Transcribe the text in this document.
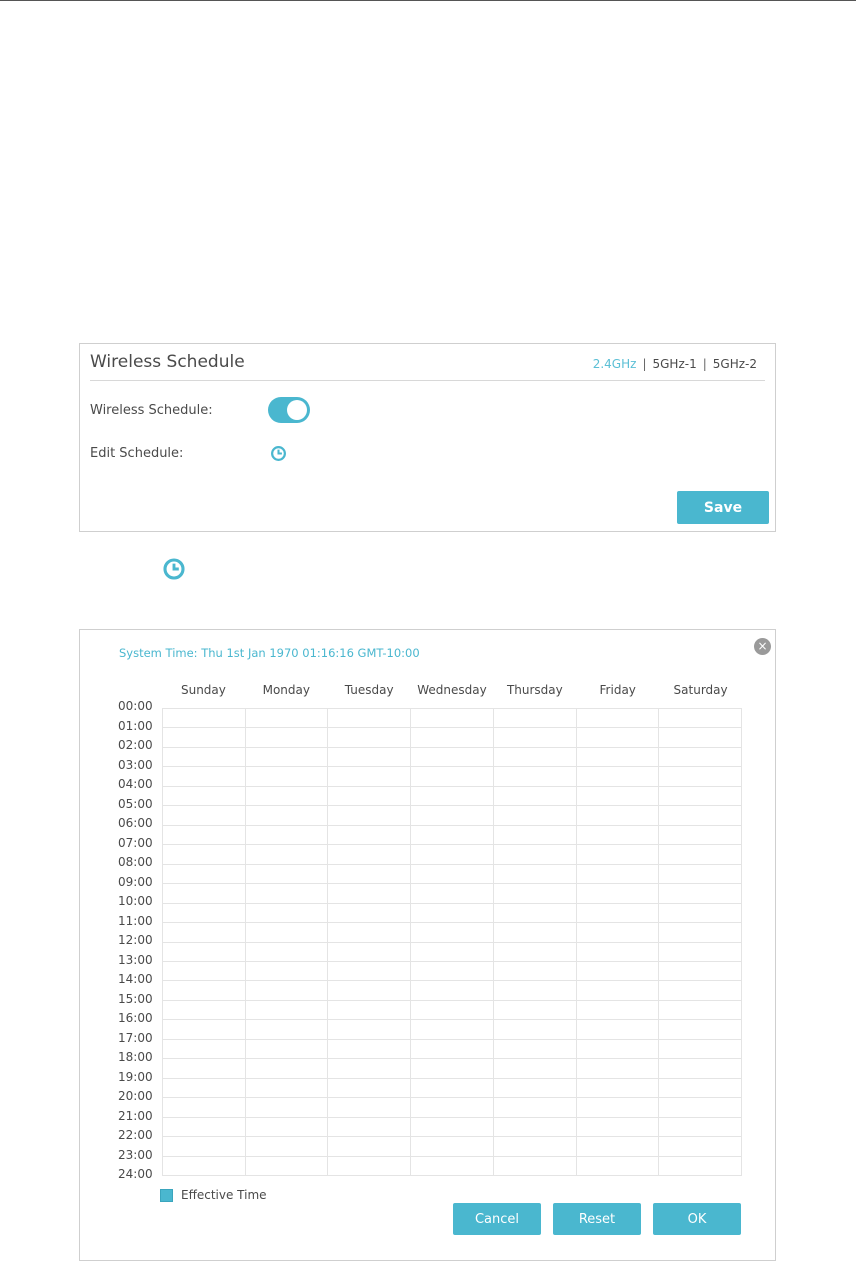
Wireless Schedule	2.4GHz | 5GHz-1 | 5GHz-2
Wireless Schedule:
Edit Schedule:
Save
×
System Time: Thu 1st Jan 1970 01:16:16 GMT-10:00
Sunday	Monday	Tuesday	Wednesday	Thursday	Friday	Saturday
00:00
01:00
02:00
03:00
04:00
05:00
06:00
07:00
08:00
09:00
10:00
11:00
12:00
13:00
14:00
15:00
16:00
17:00
18:00
19:00
20:00
21:00
22:00
23:00
24:00
Effective Time
Cancel	Reset	OK
